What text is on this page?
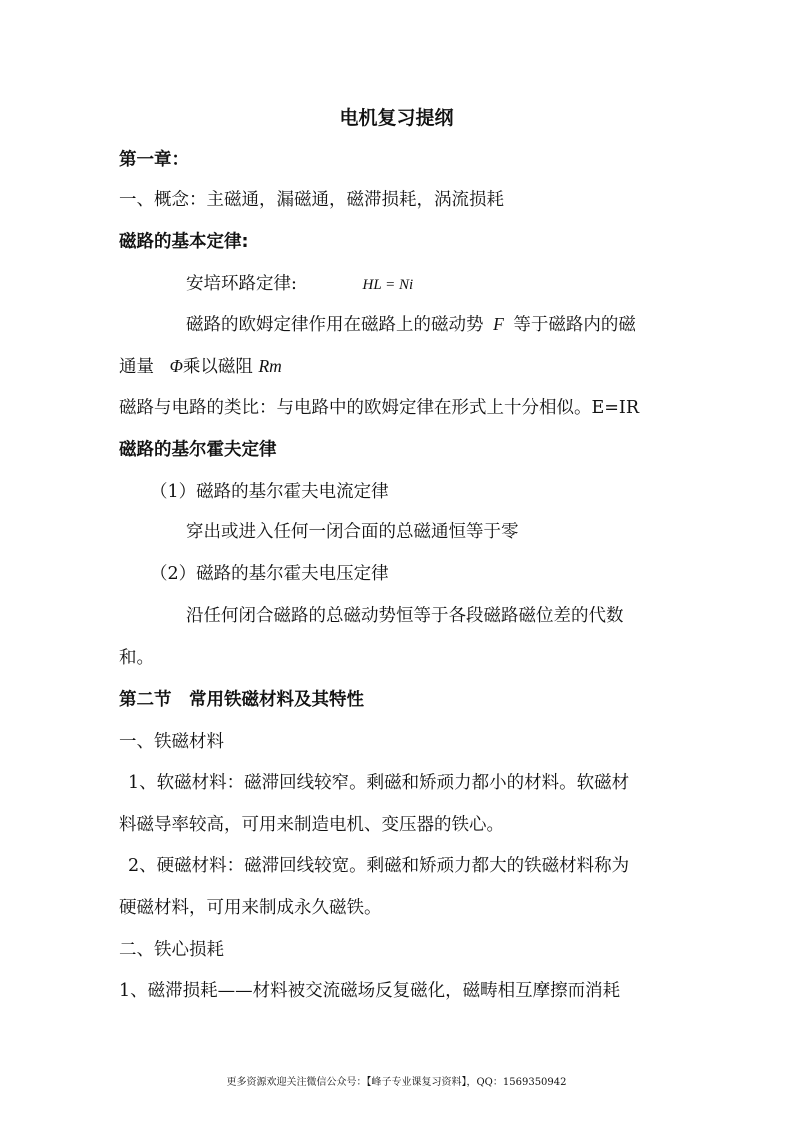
电机复习提纲
第一章：
一、概念：主磁通，漏磁通，磁滞损耗，涡流损耗
磁路的基本定律:
安培环路定律:	HL = Ni
磁路的欧姆定律作用在磁路上的磁动势 F 等于磁路内的磁
通量 Φ乘以磁阻 Rm
磁路与电路的类比：与电路中的欧姆定律在形式上十分相似。E=IR
磁路的基尔霍夫定律
（1）磁路的基尔霍夫电流定律
穿出或进入任何一闭合面的总磁通恒等于零
（2）磁路的基尔霍夫电压定律
沿任何闭合磁路的总磁动势恒等于各段磁路磁位差的代数
和。
第二节　常用铁磁材料及其特性
一、铁磁材料
1、软磁材料：磁滞回线较窄。剩磁和矫顽力都小的材料。软磁材
料磁导率较高，可用来制造电机、变压器的铁心。
2、硬磁材料：磁滞回线较宽。剩磁和矫顽力都大的铁磁材料称为
硬磁材料，可用来制成永久磁铁。
二、铁心损耗
1、磁滞损耗——材料被交流磁场反复磁化，磁畴相互摩擦而消耗
更多资源欢迎关注微信公众号：【峰子专业课复习资料】，QQ：1569350942
